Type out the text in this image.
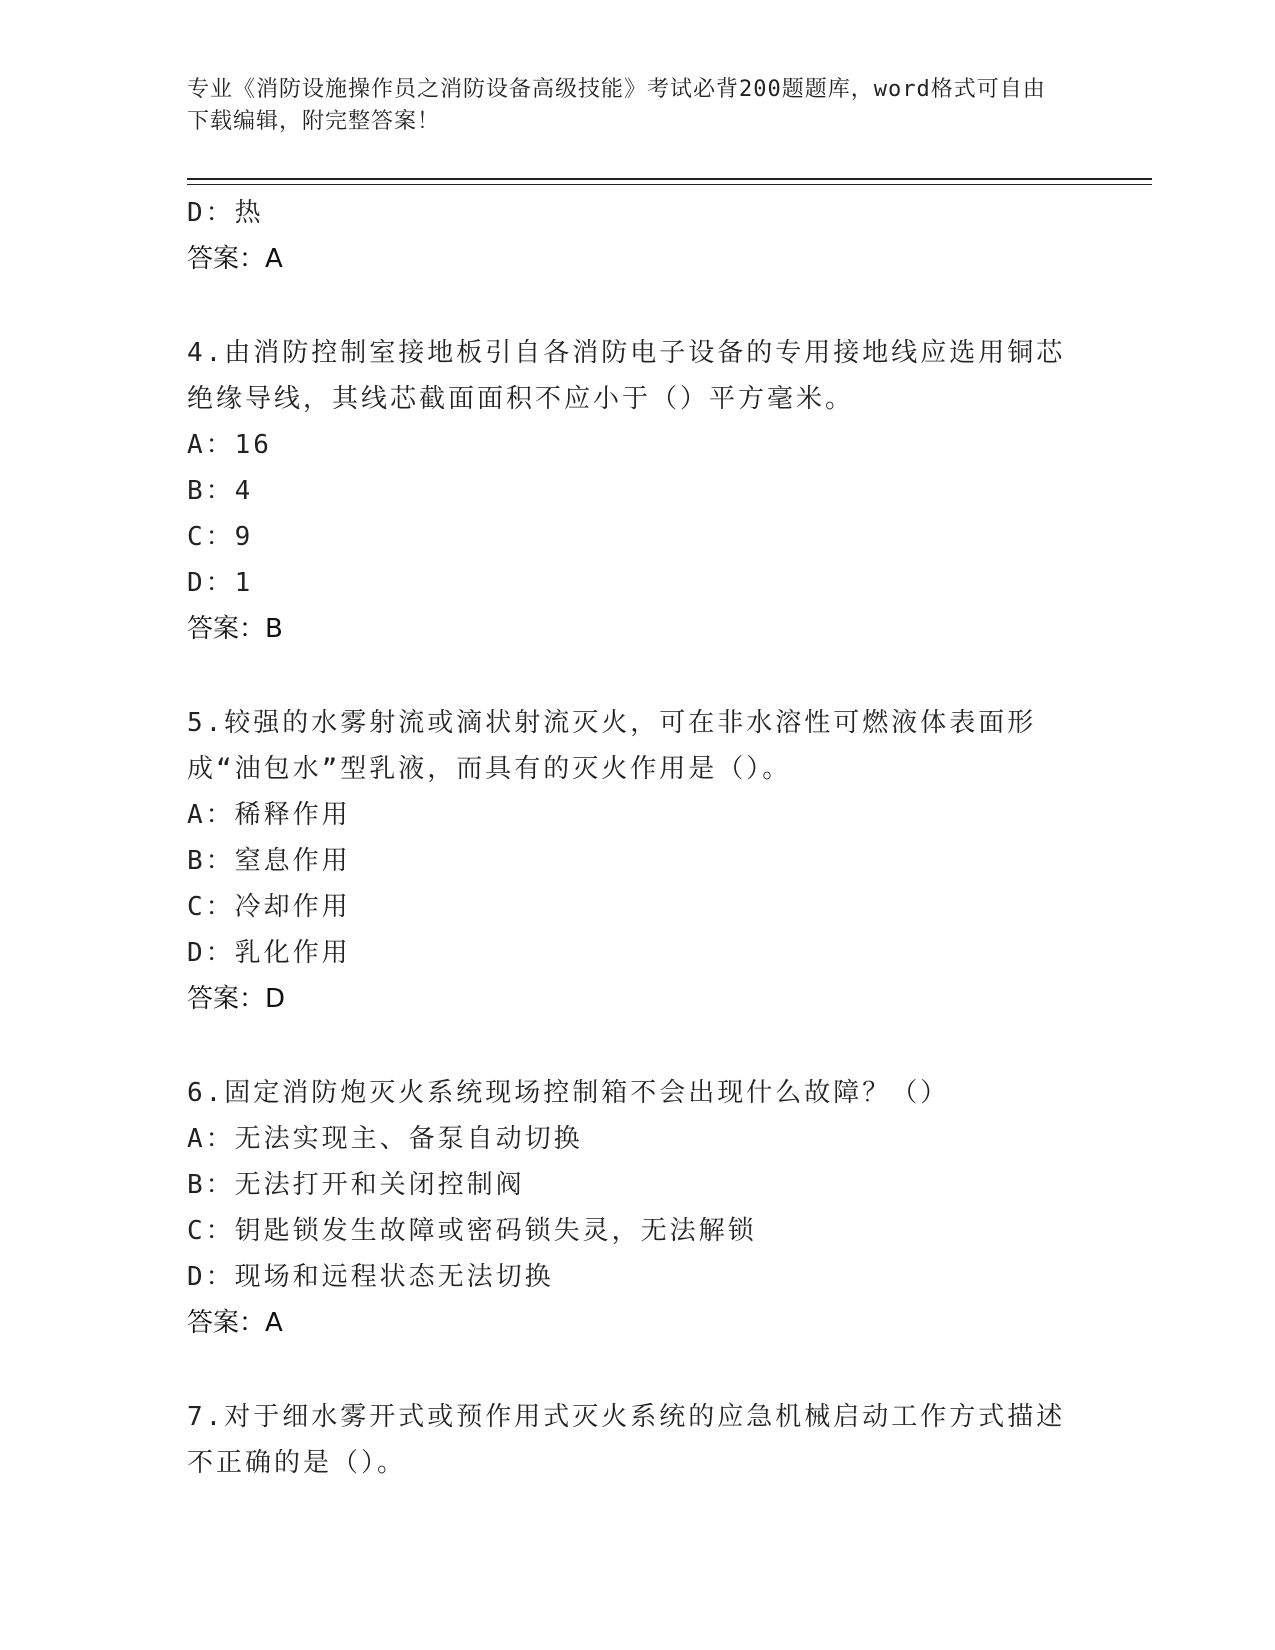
专业《消防设施操作员之消防设备高级技能》考试必背200题题库，word格式可自由下载编辑，附完整答案！
D：热
答案：A
4.由消防控制室接地板引自各消防电子设备的专用接地线应选用铜芯绝缘导线，其线芯截面面积不应小于（）平方毫米。
A：16
B：4
C：9
D：1
答案：B
5.较强的水雾射流或滴状射流灭火，可在非水溶性可燃液体表面形成“油包水”型乳液，而具有的灭火作用是（）。
A：稀释作用
B：窒息作用
C：冷却作用
D：乳化作用
答案：D
6.固定消防炮灭火系统现场控制箱不会出现什么故障？（）
A：无法实现主、备泵自动切换
B：无法打开和关闭控制阀
C：钥匙锁发生故障或密码锁失灵，无法解锁
D：现场和远程状态无法切换
答案：A
7.对于细水雾开式或预作用式灭火系统的应急机械启动工作方式描述不正确的是（）。
